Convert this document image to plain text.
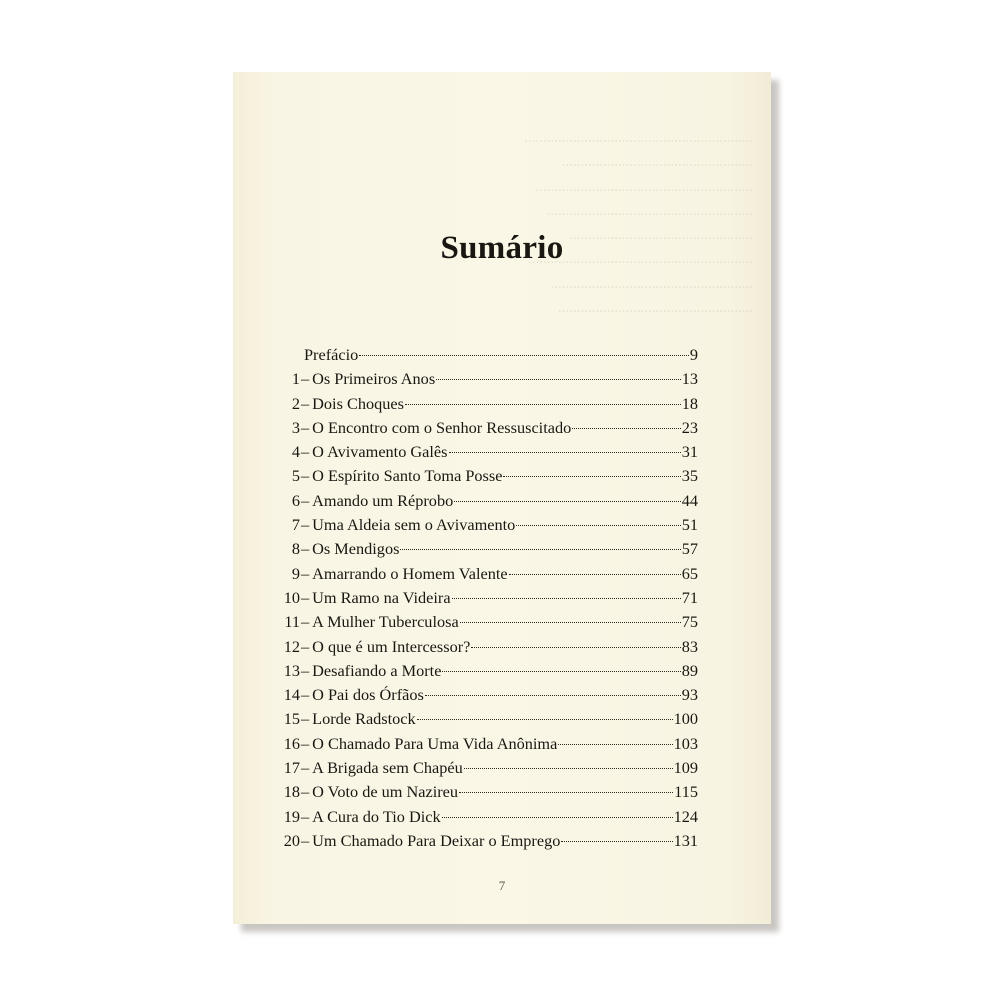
.............................................................
...................................................
..........................................................
.......................................................
.................................................
............................................................
......................................................
....................................................
Sumário
Prefácio	9
1 – Os Primeiros Anos	13
2 – Dois Choques	18
3 – O Encontro com o Senhor Ressuscitado	23
4 – O Avivamento Galês	31
5 – O Espírito Santo Toma Posse	35
6 – Amando um Réprobo	44
7 – Uma Aldeia sem o Avivamento	51
8 – Os Mendigos	57
9 – Amarrando o Homem Valente	65
10 – Um Ramo na Videira	71
11 – A Mulher Tuberculosa	75
12 – O que é um Intercessor?	83
13 – Desafiando a Morte	89
14 – O Pai dos Órfãos	93
15 – Lorde Radstock	100
16 – O Chamado Para Uma Vida Anônima	103
17 – A Brigada sem Chapéu	109
18 – O Voto de um Nazireu	115
19 – A Cura do Tio Dick	124
20 – Um Chamado Para Deixar o Emprego	131
7
